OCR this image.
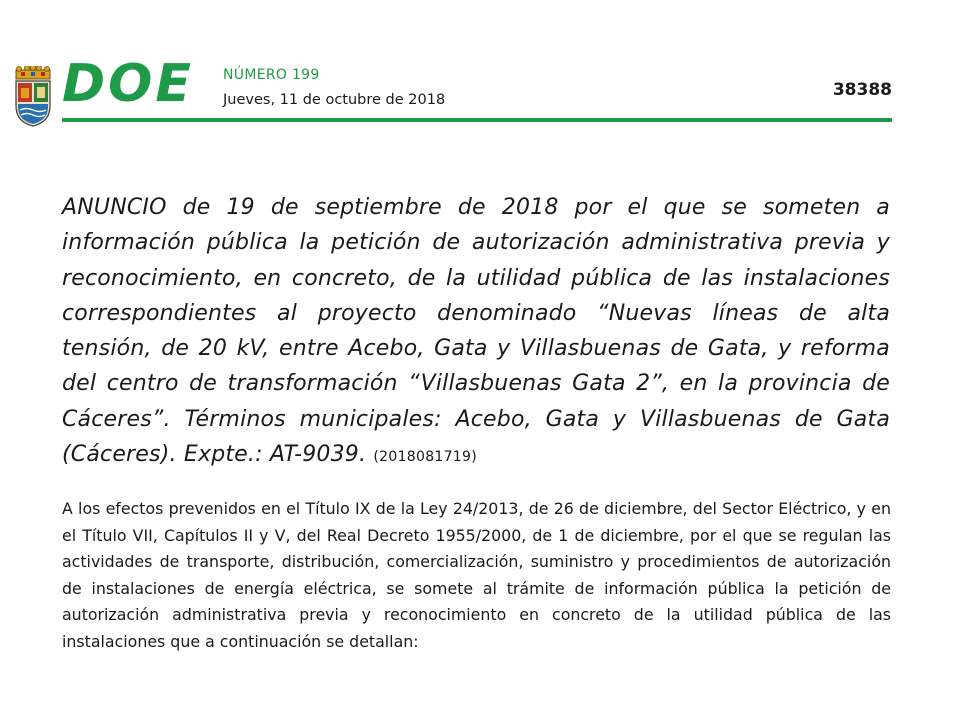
DOE NÚMERO 199
Jueves, 11 de octubre de 2018	38388
ANUNCIO de 19 de septiembre de 2018 por el que se someten a información pública la petición de autorización administrativa previa y reconocimiento, en concreto, de la utilidad pública de las instalaciones correspondientes al proyecto denominado “Nuevas líneas de alta tensión, de 20 kV, entre Acebo, Gata y Villasbuenas de Gata, y reforma del centro de transformación “Villasbuenas Gata 2”, en la provincia de Cáceres”. Términos municipales: Acebo, Gata y Villasbuenas de Gata (Cáceres). Expte.: AT-9039. (2018081719)
A los efectos prevenidos en el Título IX de la Ley 24/2013, de 26 de diciembre, del Sector Eléctrico, y en el Título VII, Capítulos II y V, del Real Decreto 1955/2000, de 1 de diciembre, por el que se regulan las actividades de transporte, distribución, comercialización, suministro y procedimientos de autorización de instalaciones de energía eléctrica, se somete al trámite de información pública la petición de autorización administrativa previa y reconocimiento en concreto de la utilidad pública de las instalaciones que a continuación se detallan:
